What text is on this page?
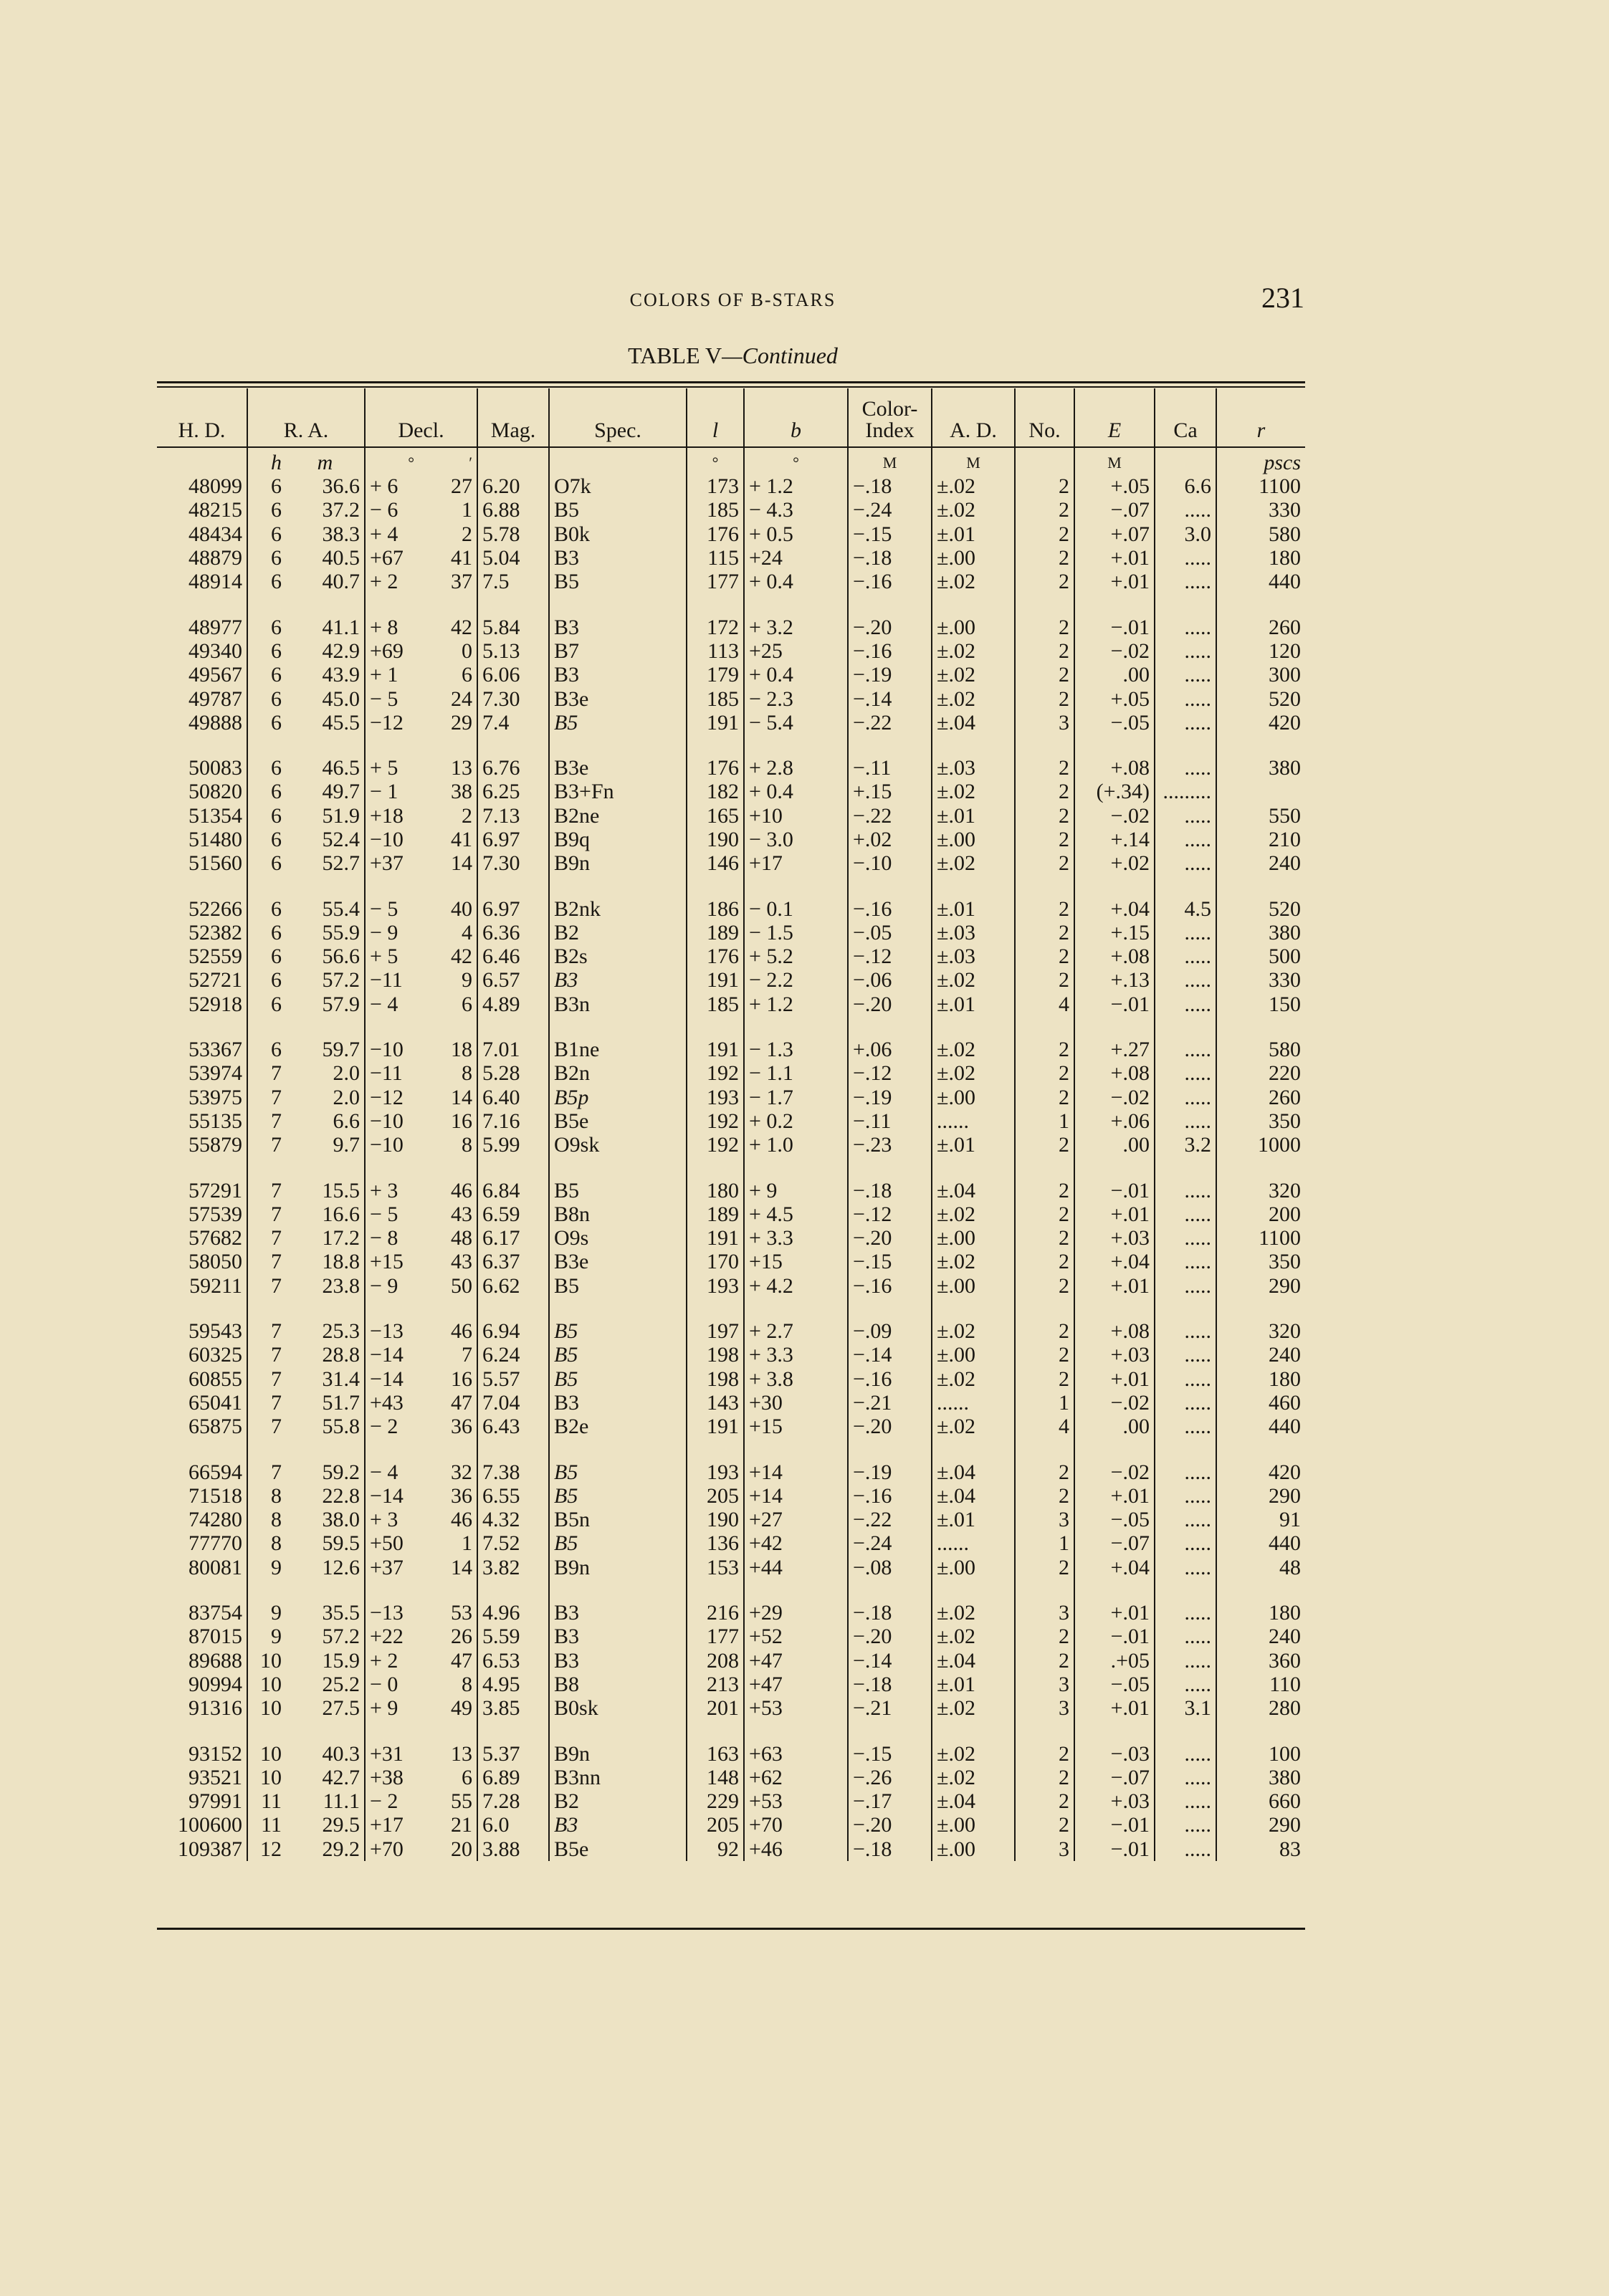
COLORS OF B-STARS	231
TABLE V—Continued
H. D.	R. A.		Decl.		Mag.	Spec.	l	b	Color-Index	A. D.	No.	E	Ca	r
	h	m	°	′			°	°	M	M		M		pscs
48099	6	36.6	+ 6	27	6.20	O7k	173	+ 1.2	−.18	±.02	2	+.05	6.6	1100
48215	6	37.2	− 6	1	6.88	B5	185	− 4.3	−.24	±.02	2	−.07	.....	330
48434	6	38.3	+ 4	2	5.78	B0k	176	+ 0.5	−.15	±.01	2	+.07	3.0	580
48879	6	40.5	+67	41	5.04	B3	115	+24	−.18	±.00	2	+.01	.....	180
48914	6	40.7	+ 2	37	7.5	B5	177	+ 0.4	−.16	±.02	2	+.01	.....	440

48977	6	41.1	+ 8	42	5.84	B3	172	+ 3.2	−.20	±.00	2	−.01	.....	260
49340	6	42.9	+69	0	5.13	B7	113	+25	−.16	±.02	2	−.02	.....	120
49567	6	43.9	+ 1	6	6.06	B3	179	+ 0.4	−.19	±.02	2	.00	.....	300
49787	6	45.0	− 5	24	7.30	B3e	185	− 2.3	−.14	±.02	2	+.05	.....	520
49888	6	45.5	−12	29	7.4	B5	191	− 5.4	−.22	±.04	3	−.05	.....	420

50083	6	46.5	+ 5	13	6.76	B3e	176	+ 2.8	−.11	±.03	2	+.08	.....	380
50820	6	49.7	− 1	38	6.25	B3+Fn	182	+ 0.4	+.15	±.02	2	(+.34)	.........	
51354	6	51.9	+18	2	7.13	B2ne	165	+10	−.22	±.01	2	−.02	.....	550
51480	6	52.4	−10	41	6.97	B9q	190	− 3.0	+.02	±.00	2	+.14	.....	210
51560	6	52.7	+37	14	7.30	B9n	146	+17	−.10	±.02	2	+.02	.....	240

52266	6	55.4	− 5	40	6.97	B2nk	186	− 0.1	−.16	±.01	2	+.04	4.5	520
52382	6	55.9	− 9	4	6.36	B2	189	− 1.5	−.05	±.03	2	+.15	.....	380
52559	6	56.6	+ 5	42	6.46	B2s	176	+ 5.2	−.12	±.03	2	+.08	.....	500
52721	6	57.2	−11	9	6.57	B3	191	− 2.2	−.06	±.02	2	+.13	.....	330
52918	6	57.9	− 4	6	4.89	B3n	185	+ 1.2	−.20	±.01	4	−.01	.....	150

53367	6	59.7	−10	18	7.01	B1ne	191	− 1.3	+.06	±.02	2	+.27	.....	580
53974	7	2.0	−11	8	5.28	B2n	192	− 1.1	−.12	±.02	2	+.08	.....	220
53975	7	2.0	−12	14	6.40	B5p	193	− 1.7	−.19	±.00	2	−.02	.....	260
55135	7	6.6	−10	16	7.16	B5e	192	+ 0.2	−.11	......	1	+.06	.....	350
55879	7	9.7	−10	8	5.99	O9sk	192	+ 1.0	−.23	±.01	2	.00	3.2	1000

57291	7	15.5	+ 3	46	6.84	B5	180	+ 9	−.18	±.04	2	−.01	.....	320
57539	7	16.6	− 5	43	6.59	B8n	189	+ 4.5	−.12	±.02	2	+.01	.....	200
57682	7	17.2	− 8	48	6.17	O9s	191	+ 3.3	−.20	±.00	2	+.03	.....	1100
58050	7	18.8	+15	43	6.37	B3e	170	+15	−.15	±.02	2	+.04	.....	350
59211	7	23.8	− 9	50	6.62	B5	193	+ 4.2	−.16	±.00	2	+.01	.....	290

59543	7	25.3	−13	46	6.94	B5	197	+ 2.7	−.09	±.02	2	+.08	.....	320
60325	7	28.8	−14	7	6.24	B5	198	+ 3.3	−.14	±.00	2	+.03	.....	240
60855	7	31.4	−14	16	5.57	B5	198	+ 3.8	−.16	±.02	2	+.01	.....	180
65041	7	51.7	+43	47	7.04	B3	143	+30	−.21	......	1	−.02	.....	460
65875	7	55.8	− 2	36	6.43	B2e	191	+15	−.20	±.02	4	.00	.....	440

66594	7	59.2	− 4	32	7.38	B5	193	+14	−.19	±.04	2	−.02	.....	420
71518	8	22.8	−14	36	6.55	B5	205	+14	−.16	±.04	2	+.01	.....	290
74280	8	38.0	+ 3	46	4.32	B5n	190	+27	−.22	±.01	3	−.05	.....	91
77770	8	59.5	+50	1	7.52	B5	136	+42	−.24	......	1	−.07	.....	440
80081	9	12.6	+37	14	3.82	B9n	153	+44	−.08	±.00	2	+.04	.....	48

83754	9	35.5	−13	53	4.96	B3	216	+29	−.18	±.02	3	+.01	.....	180
87015	9	57.2	+22	26	5.59	B3	177	+52	−.20	±.02	2	−.01	.....	240
89688	10	15.9	+ 2	47	6.53	B3	208	+47	−.14	±.04	2	.+05	.....	360
90994	10	25.2	− 0	8	4.95	B8	213	+47	−.18	±.01	3	−.05	.....	110
91316	10	27.5	+ 9	49	3.85	B0sk	201	+53	−.21	±.02	3	+.01	3.1	280

93152	10	40.3	+31	13	5.37	B9n	163	+63	−.15	±.02	2	−.03	.....	100
93521	10	42.7	+38	6	6.89	B3nn	148	+62	−.26	±.02	2	−.07	.....	380
97991	11	11.1	− 2	55	7.28	B2	229	+53	−.17	±.04	2	+.03	.....	660
100600	11	29.5	+17	21	6.0	B3	205	+70	−.20	±.00	2	−.01	.....	290
109387	12	29.2	+70	20	3.88	B5e	92	+46	−.18	±.00	3	−.01	.....	83
